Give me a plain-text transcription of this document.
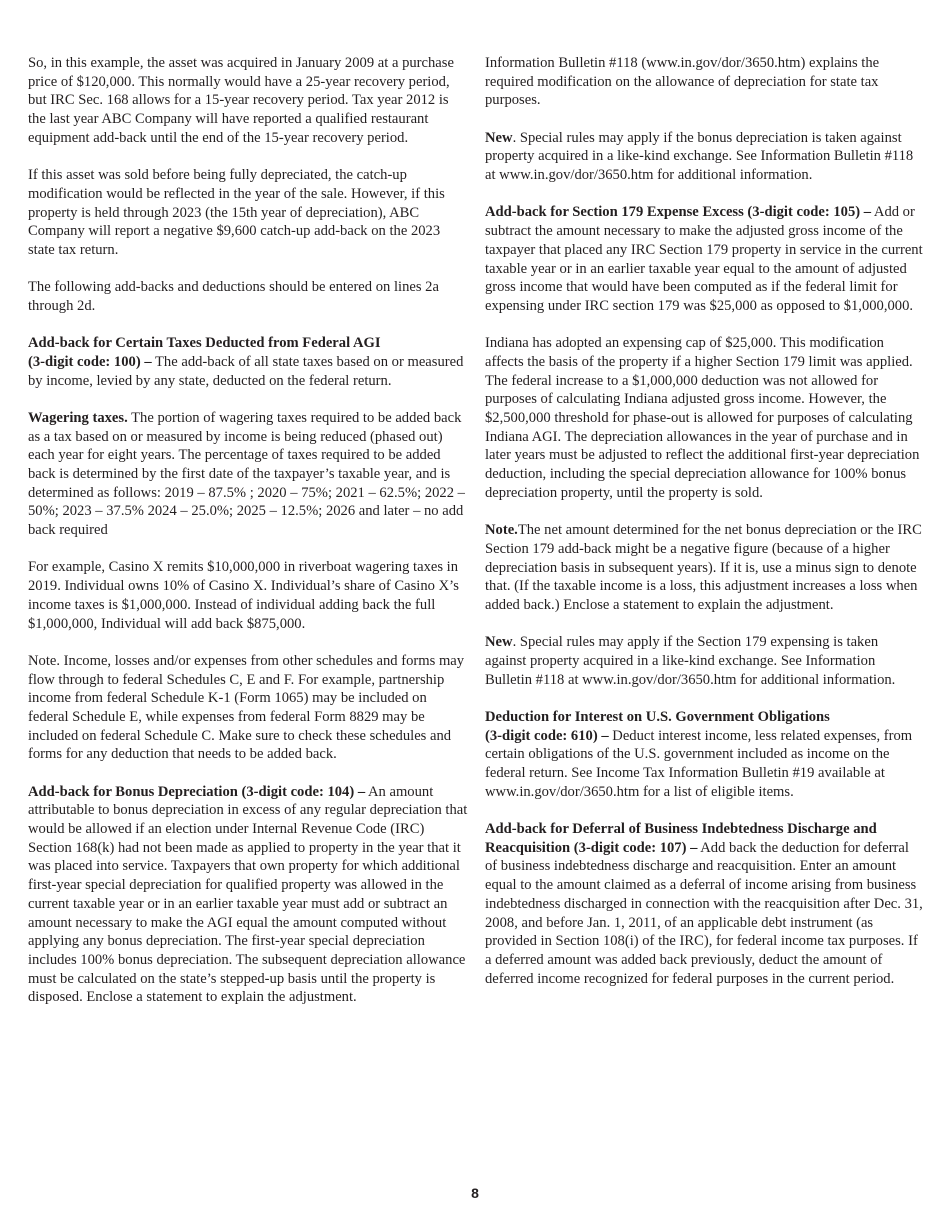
So, in this example, the asset was acquired in January 2009 at a purchase price of $120,000. This normally would have a 25-year recovery period, but IRC Sec. 168 allows for a 15-year recovery period. Tax year 2012 is the last year ABC Company will have reported a qualified restaurant equipment add-back until the end of the 15-year recovery period.

If this asset was sold before being fully depreciated, the catch-up modification would be reflected in the year of the sale. However, if this property is held through 2023 (the 15th year of depreciation), ABC Company will report a negative $9,600 catch-up add-back on the 2023 state tax return.

The following add-backs and deductions should be entered on lines 2a through 2d.

Add-back for Certain Taxes Deducted from Federal AGI
(3-digit code: 100) – The add-back of all state taxes based on or measured by income, levied by any state, deducted on the federal return.

Wagering taxes. The portion of wagering taxes required to be added back as a tax based on or measured by income is being reduced (phased out) each year for eight years. The percentage of taxes required to be added back is determined by the first date of the taxpayer’s taxable year, and is determined as follows: 2019 – 87.5% ; 2020 – 75%; 2021 – 62.5%; 2022 – 50%; 2023 – 37.5% 2024 – 25.0%; 2025 – 12.5%; 2026 and later – no add back required

For example, Casino X remits $10,000,000 in riverboat wagering taxes in 2019. Individual owns 10% of Casino X. Individual’s share of Casino X’s income taxes is $1,000,000. Instead of individual adding back the full $1,000,000, Individual will add back $875,000.

Note. Income, losses and/or expenses from other schedules and forms may flow through to federal Schedules C, E and F. For example, partnership income from federal Schedule K-1 (Form 1065) may be included on federal Schedule E, while expenses from federal Form 8829 may be included on federal Schedule C. Make sure to check these schedules and forms for any deduction that needs to be added back.

Add-back for Bonus Depreciation (3-digit code: 104) – An amount attributable to bonus depreciation in excess of any regular depreciation that would be allowed if an election under Internal Revenue Code (IRC) Section 168(k) had not been made as applied to property in the year that it was placed into service. Taxpayers that own property for which additional first-year special depreciation for qualified property was allowed in the current taxable year or in an earlier taxable year must add or subtract an amount necessary to make the AGI equal the amount computed without applying any bonus depreciation. The first-year special depreciation includes 100% bonus depreciation. The subsequent depreciation allowance must be calculated on the state’s stepped-up basis until the property is disposed. Enclose a statement to explain the adjustment.

Information Bulletin #118 (www.in.gov/dor/3650.htm) explains the required modification on the allowance of depreciation for state tax purposes.

New. Special rules may apply if the bonus depreciation is taken against property acquired in a like-kind exchange. See Information Bulletin #118 at www.in.gov/dor/3650.htm for additional information.

Add-back for Section 179 Expense Excess (3-digit code: 105) – Add or subtract the amount necessary to make the adjusted gross income of the taxpayer that placed any IRC Section 179 property in service in the current taxable year or in an earlier taxable year equal to the amount of adjusted gross income that would have been computed as if the federal limit for expensing under IRC section 179 was $25,000 as opposed to $1,000,000.

Indiana has adopted an expensing cap of $25,000. This modification affects the basis of the property if a higher Section 179 limit was applied. The federal increase to a $1,000,000 deduction was not allowed for purposes of calculating Indiana adjusted gross income. However, the $2,500,000 threshold for phase-out is allowed for purposes of calculating Indiana AGI. The depreciation allowances in the year of purchase and in later years must be adjusted to reflect the additional first-year depreciation deduction, including the special depreciation allowance for 100% bonus depreciation property, until the property is sold.

Note.The net amount determined for the net bonus depreciation or the IRC Section 179 add-back might be a negative figure (because of a higher depreciation basis in subsequent years). If it is, use a minus sign to denote that. (If the taxable income is a loss, this adjustment increases a loss when added back.) Enclose a statement to explain the adjustment.

New. Special rules may apply if the Section 179 expensing is taken against property acquired in a like-kind exchange. See Information Bulletin #118 at www.in.gov/dor/3650.htm for additional information.

Deduction for Interest on U.S. Government Obligations
(3-digit code: 610) – Deduct interest income, less related expenses, from certain obligations of the U.S. government included as income on the federal return. See Income Tax Information Bulletin #19 available at www.in.gov/dor/3650.htm for a list of eligible items.

Add-back for Deferral of Business Indebtedness Discharge and Reacquisition (3-digit code: 107) – Add back the deduction for deferral of business indebtedness discharge and reacquisition. Enter an amount equal to the amount claimed as a deferral of income arising from business indebtedness discharged in connection with the reacquisition after Dec. 31, 2008, and before Jan. 1, 2011, of an applicable debt instrument (as provided in Section 108(i) of the IRC), for federal income tax purposes. If a deferred amount was added back previously, deduct the amount of deferred income recognized for federal purposes in the current period.

8
